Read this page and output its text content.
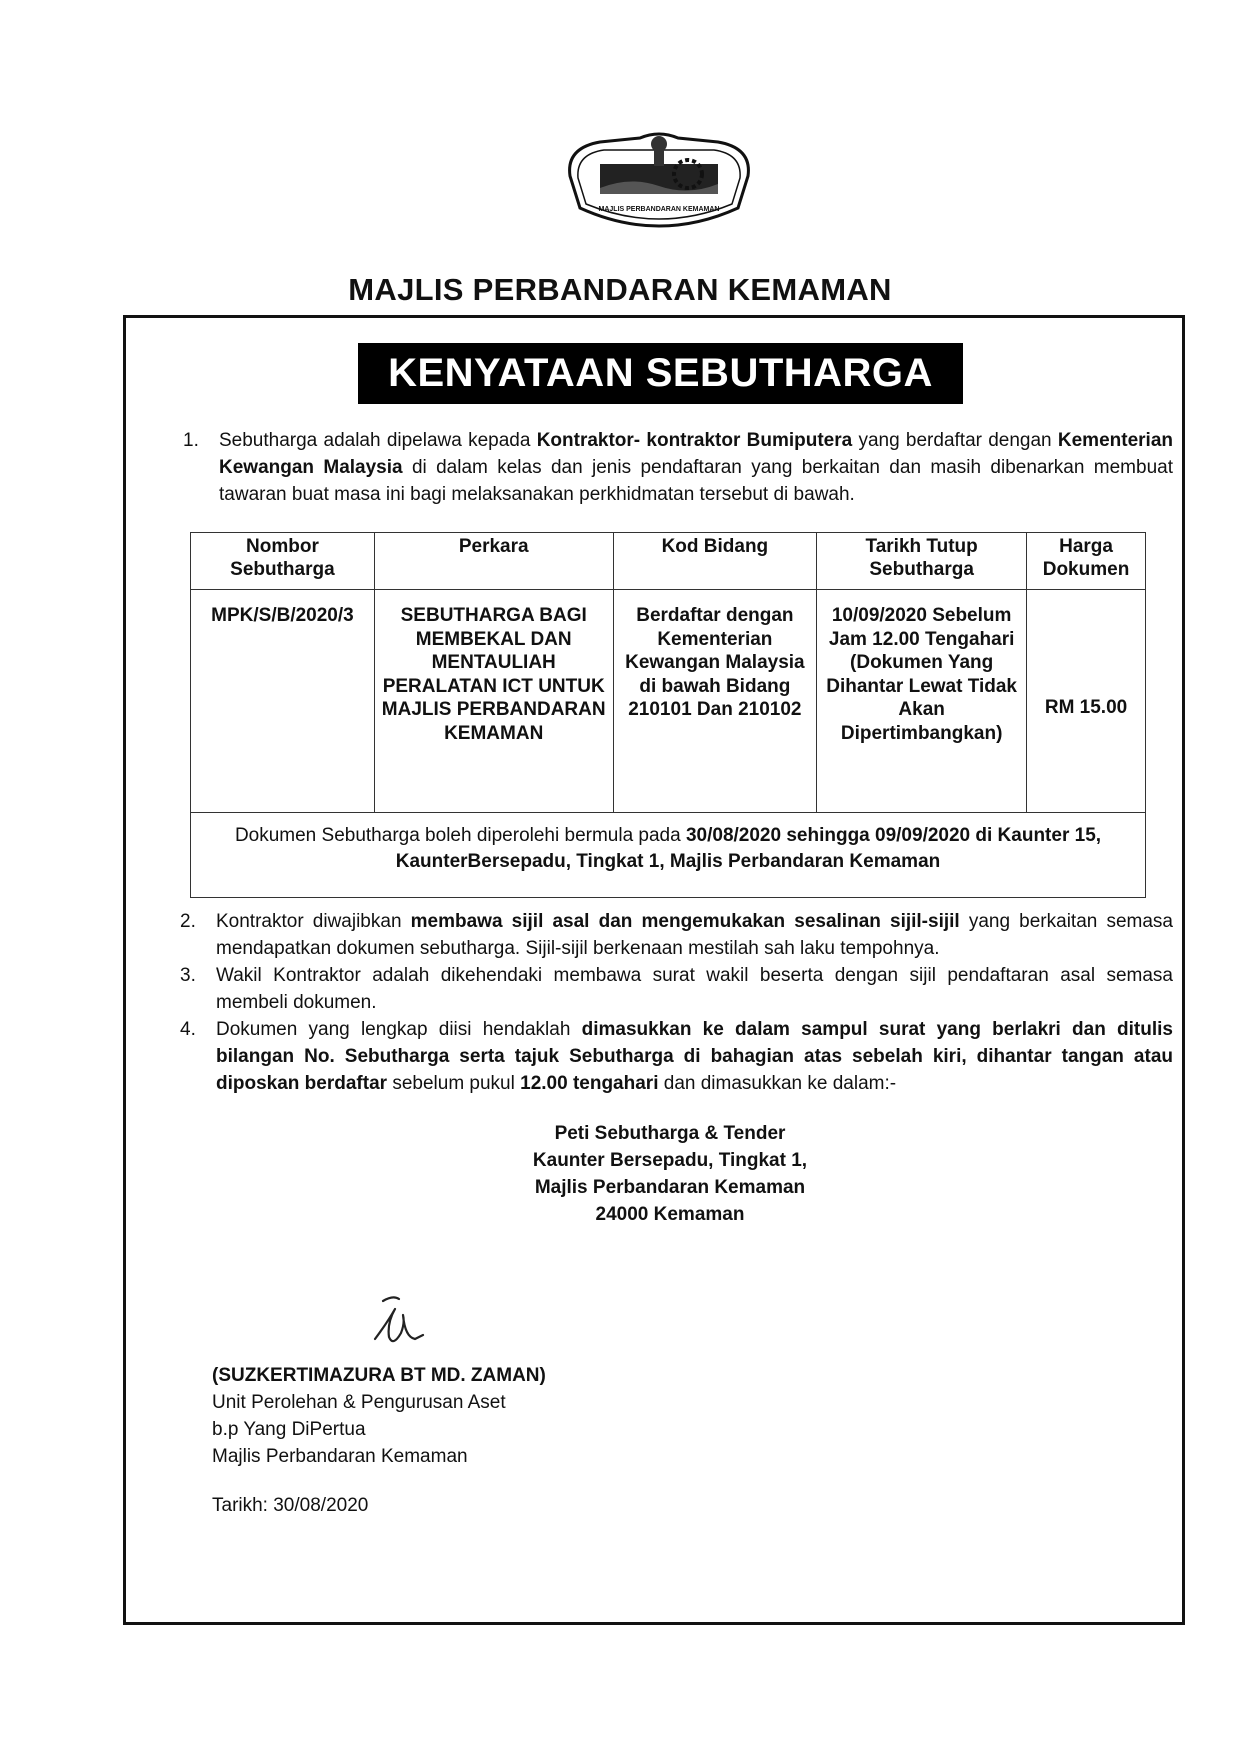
MAJLIS PERBANDARAN KEMAMAN
MAJLIS PERBANDARAN KEMAMAN
KENYATAAN SEBUTHARGA
1. Sebutharga adalah dipelawa kepada Kontraktor- kontraktor Bumiputera yang berdaftar dengan Kementerian Kewangan Malaysia di dalam kelas dan jenis pendaftaran yang berkaitan dan masih dibenarkan membuat tawaran buat masa ini bagi melaksanakan perkhidmatan tersebut di bawah.
Nombor Sebutharga	Perkara	Kod Bidang	Tarikh Tutup Sebutharga	Harga Dokumen
MPK/S/B/2020/3	SEBUTHARGA BAGI MEMBEKAL DAN MENTAULIAH PERALATAN ICT UNTUK MAJLIS PERBANDARAN KEMAMAN	Berdaftar dengan Kementerian Kewangan Malaysia di bawah Bidang 210101 Dan 210102	10/09/2020 Sebelum Jam 12.00 Tengahari (Dokumen Yang Dihantar Lewat Tidak Akan Dipertimbangkan)	RM 15.00
Dokumen Sebutharga boleh diperolehi bermula pada 30/08/2020 sehingga 09/09/2020 di Kaunter 15, KaunterBersepadu, Tingkat 1, Majlis Perbandaran Kemaman				
2. Kontraktor diwajibkan membawa sijil asal dan mengemukakan sesalinan sijil-sijil yang berkaitan semasa mendapatkan dokumen sebutharga. Sijil-sijil berkenaan mestilah sah laku tempohnya.
3. Wakil Kontraktor adalah dikehendaki membawa surat wakil beserta dengan sijil pendaftaran asal semasa membeli dokumen.
4. Dokumen yang lengkap diisi hendaklah dimasukkan ke dalam sampul surat yang berlakri dan ditulis bilangan No. Sebutharga serta tajuk Sebutharga di bahagian atas sebelah kiri, dihantar tangan atau diposkan berdaftar sebelum pukul 12.00 tengahari dan dimasukkan ke dalam:-
Peti Sebutharga & Tender
Kaunter Bersepadu, Tingkat 1,
Majlis Perbandaran Kemaman
24000 Kemaman
(SUZKERTIMAZURA BT MD. ZAMAN)
Unit Perolehan & Pengurusan Aset
b.p Yang DiPertua
Majlis Perbandaran Kemaman
Tarikh: 30/08/2020
